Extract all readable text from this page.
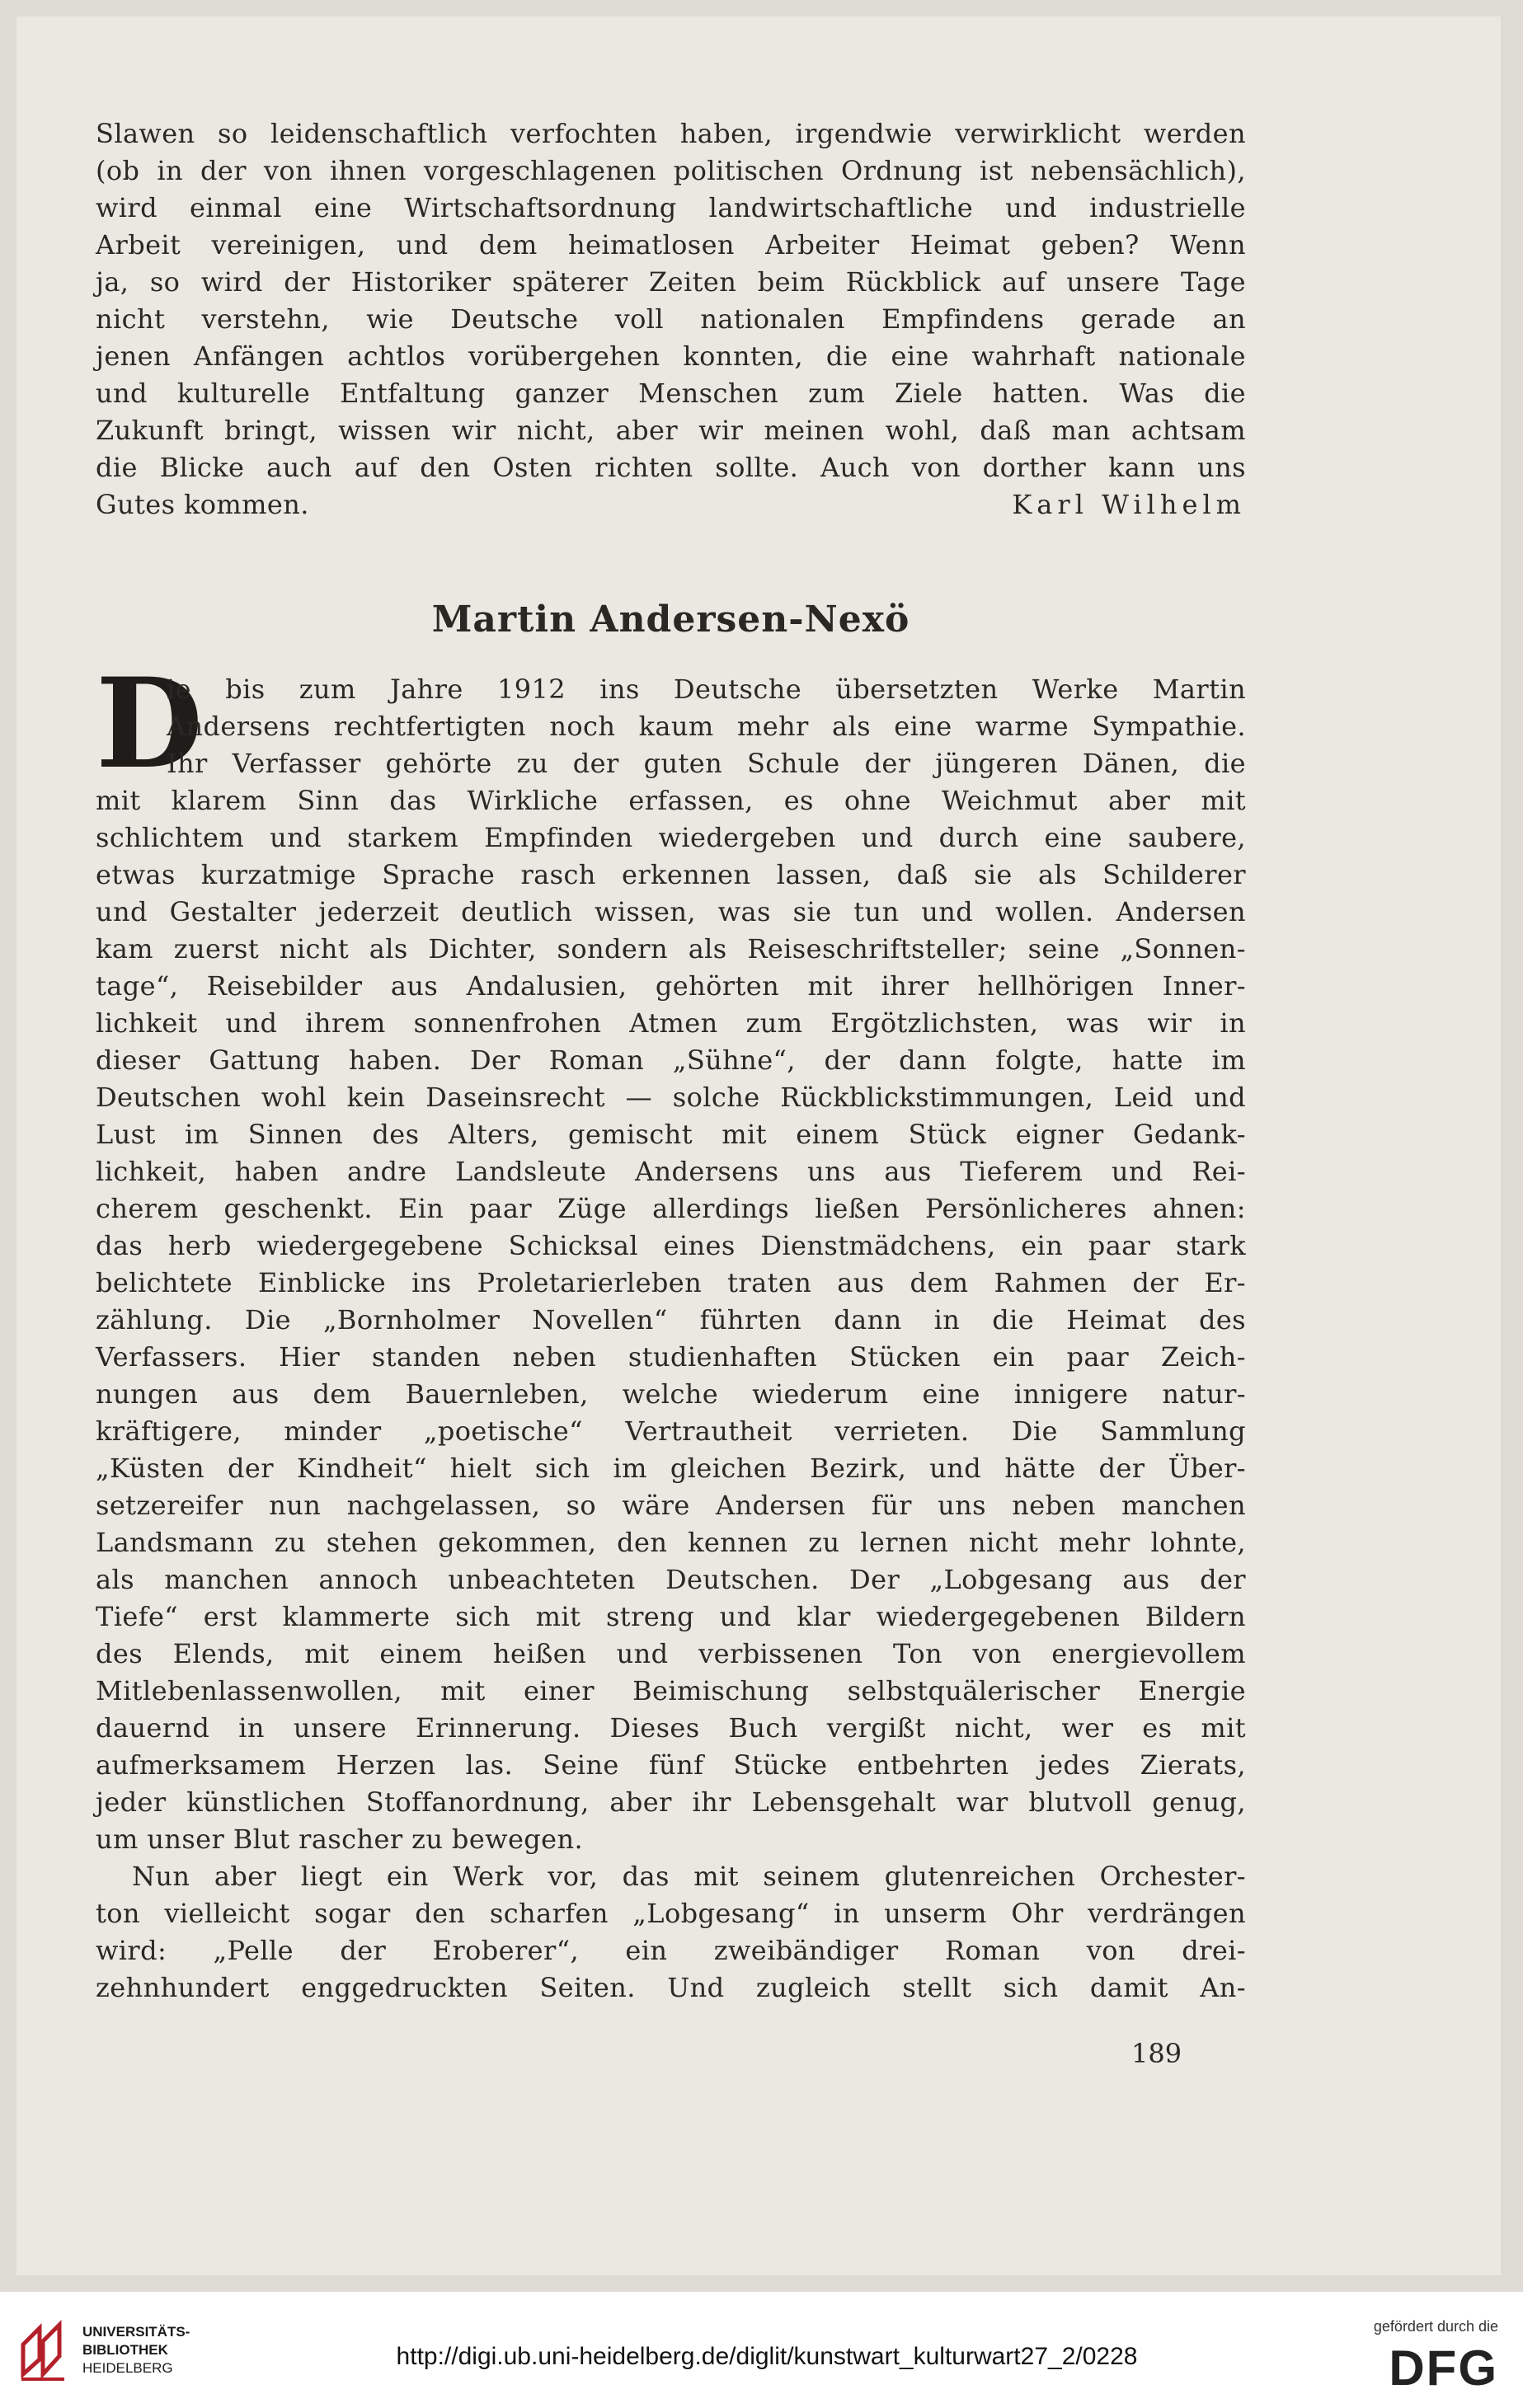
Slawen so leidenschaftlich verfochten haben, irgendwie verwirklicht werden
(ob in der von ihnen vorgeschlagenen politischen Ordnung ist nebensächlich),
wird einmal eine Wirtschaftsordnung landwirtschaftliche und industrielle
Arbeit vereinigen, und dem heimatlosen Arbeiter Heimat geben? Wenn
ja, so wird der Historiker späterer Zeiten beim Rückblick auf unsere Tage
nicht verstehn, wie Deutsche voll nationalen Empfindens gerade an
jenen Anfängen achtlos vorübergehen konnten, die eine wahrhaft nationale
und kulturelle Entfaltung ganzer Menschen zum Ziele hatten. Was die
Zukunft bringt, wissen wir nicht, aber wir meinen wohl, daß man achtsam
die Blicke auch auf den Osten richten sollte. Auch von dorther kann uns
Gutes kommen.	Karl Wilhelm
Martin Andersen-Nexö
D
ie bis zum Jahre 1912 ins Deutsche übersetzten Werke Martin
Andersens rechtfertigten noch kaum mehr als eine warme Sympathie.
Ihr Verfasser gehörte zu der guten Schule der jüngeren Dänen, die
mit klarem Sinn das Wirkliche erfassen, es ohne Weichmut aber mit
schlichtem und starkem Empfinden wiedergeben und durch eine saubere,
etwas kurzatmige Sprache rasch erkennen lassen, daß sie als Schilderer
und Gestalter jederzeit deutlich wissen, was sie tun und wollen. Andersen
kam zuerst nicht als Dichter, sondern als Reiseschriftsteller; seine „Sonnen-
tage“, Reisebilder aus Andalusien, gehörten mit ihrer hellhörigen Inner-
lichkeit und ihrem sonnenfrohen Atmen zum Ergötzlichsten, was wir in
dieser Gattung haben. Der Roman „Sühne“, der dann folgte, hatte im
Deutschen wohl kein Daseinsrecht — solche Rückblickstimmungen, Leid und
Lust im Sinnen des Alters, gemischt mit einem Stück eigner Gedank-
lichkeit, haben andre Landsleute Andersens uns aus Tieferem und Rei-
cherem geschenkt. Ein paar Züge allerdings ließen Persönlicheres ahnen:
das herb wiedergegebene Schicksal eines Dienstmädchens, ein paar stark
belichtete Einblicke ins Proletarierleben traten aus dem Rahmen der Er-
zählung. Die „Bornholmer Novellen“ führten dann in die Heimat des
Verfassers. Hier standen neben studienhaften Stücken ein paar Zeich-
nungen aus dem Bauernleben, welche wiederum eine innigere natur-
kräftigere, minder „poetische“ Vertrautheit verrieten. Die Sammlung
„Küsten der Kindheit“ hielt sich im gleichen Bezirk, und hätte der Über-
setzereifer nun nachgelassen, so wäre Andersen für uns neben manchen
Landsmann zu stehen gekommen, den kennen zu lernen nicht mehr lohnte,
als manchen annoch unbeachteten Deutschen. Der „Lobgesang aus der
Tiefe“ erst klammerte sich mit streng und klar wiedergegebenen Bildern
des Elends, mit einem heißen und verbissenen Ton von energievollem
Mitlebenlassenwollen, mit einer Beimischung selbstquälerischer Energie
dauernd in unsere Erinnerung. Dieses Buch vergißt nicht, wer es mit
aufmerksamem Herzen las. Seine fünf Stücke entbehrten jedes Zierats,
jeder künstlichen Stoffanordnung, aber ihr Lebensgehalt war blutvoll genug,
um unser Blut rascher zu bewegen.
Nun aber liegt ein Werk vor, das mit seinem glutenreichen Orchester-
ton vielleicht sogar den scharfen „Lobgesang“ in unserm Ohr verdrängen
wird: „Pelle der Eroberer“, ein zweibändiger Roman von drei-
zehnhundert enggedruckten Seiten. Und zugleich stellt sich damit An-
189
UNIVERSITÄTS-
BIBLIOTHEK
HEIDELBERG	http://digi.ub.uni-heidelberg.de/diglit/kunstwart_kulturwart27_2/0228
gefördert durch die
DFG
